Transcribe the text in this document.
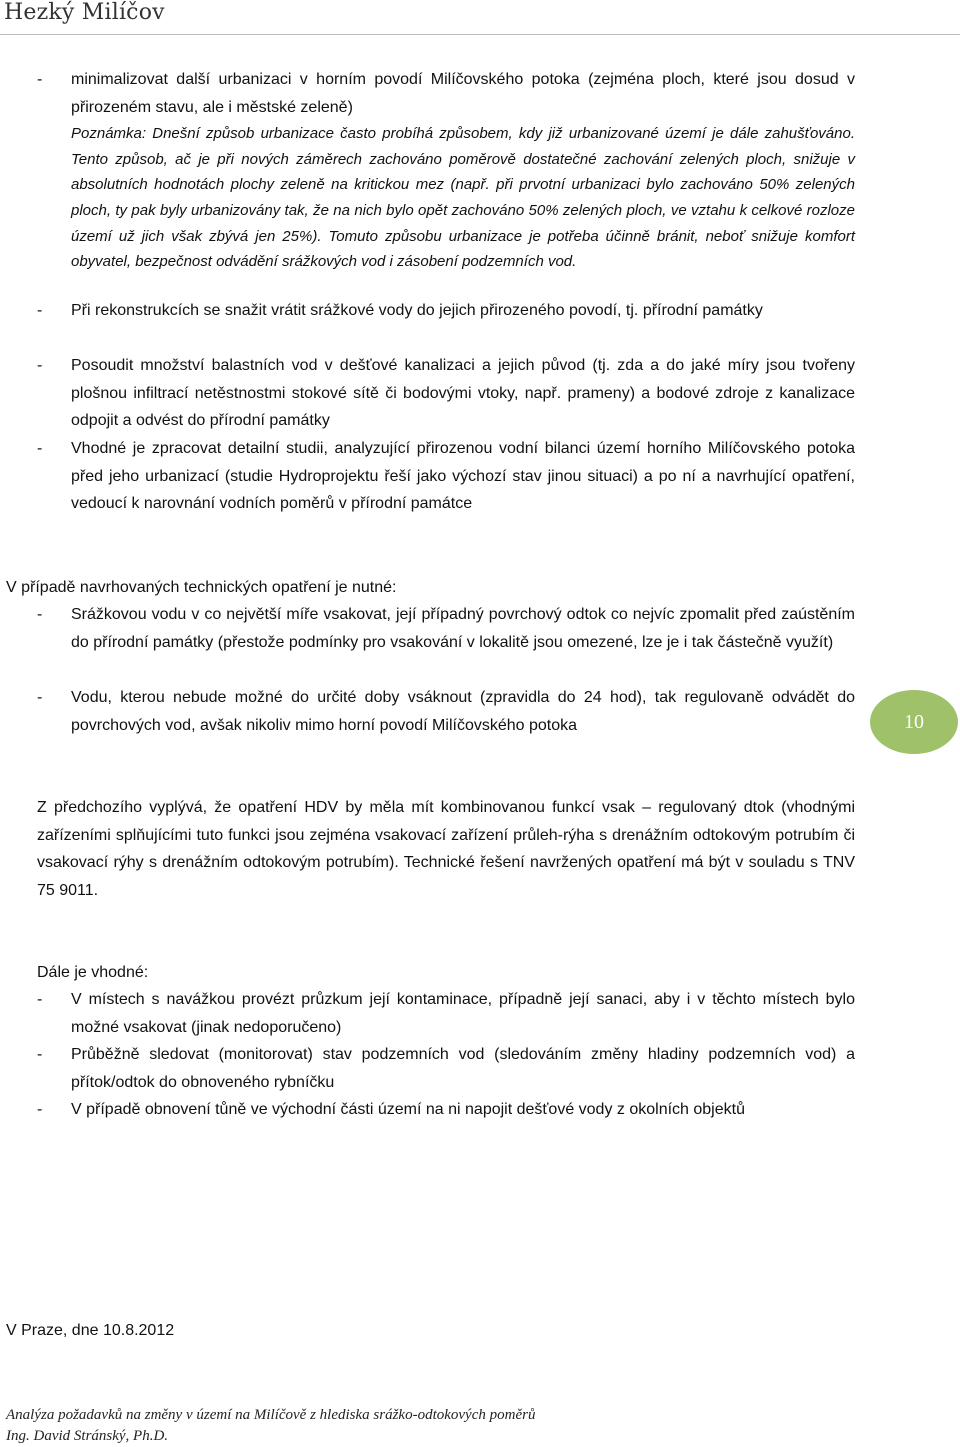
Hezký Milíčov
- minimalizovat další urbanizaci v horním povodí Milíčovského potoka (zejména ploch, které jsou dosud v přirozeném stavu, ale i městské zeleně)
Poznámka: Dnešní způsob urbanizace často probíhá způsobem, kdy již urbanizované území je dále zahušťováno. Tento způsob, ač je při nových záměrech zachováno poměrově dostatečné zachování zelených ploch, snižuje v absolutních hodnotách plochy zeleně na kritickou mez (např. při prvotní urbanizaci bylo zachováno 50% zelených ploch, ty pak byly urbanizovány tak, že na nich bylo opět zachováno 50% zelených ploch, ve vztahu k celkové rozloze území už jich však zbývá jen 25%). Tomuto způsobu urbanizace je potřeba účinně bránit, neboť snižuje komfort obyvatel, bezpečnost odvádění srážkových vod i zásobení podzemních vod.
- Při rekonstrukcích se snažit vrátit srážkové vody do jejich přirozeného povodí, tj. přírodní památky
- Posoudit množství balastních vod v dešťové kanalizaci a jejich původ (tj. zda a do jaké míry jsou tvořeny plošnou infiltrací netěstnostmi stokové sítě či bodovými vtoky, např. prameny) a bodové zdroje z kanalizace odpojit a odvést do přírodní památky
- Vhodné je zpracovat detailní studii, analyzující přirozenou vodní bilanci území horního Milíčovského potoka před jeho urbanizací (studie Hydroprojektu řeší jako výchozí stav jinou situaci) a po ní a navrhující opatření, vedoucí k narovnání vodních poměrů v přírodní památce
10
V případě navrhovaných technických opatření je nutné:
- Srážkovou vodu v co největší míře vsakovat, její případný povrchový odtok co nejvíc zpomalit před zaústěním do přírodní památky (přestože podmínky pro vsakování v lokalitě jsou omezené, lze je i tak částečně využít)
- Vodu, kterou nebude možné do určité doby vsáknout (zpravidla do 24 hod), tak regulovaně odvádět do povrchových vod, avšak nikoliv mimo horní povodí Milíčovského potoka
Z předchozího vyplývá, že opatření HDV by měla mít kombinovanou funkcí vsak – regulovaný dtok (vhodnými zařízeními splňujícími tuto funkci jsou zejména vsakovací zařízení průleh-rýha s drenážním odtokovým potrubím či vsakovací rýhy s drenážním odtokovým potrubím). Technické řešení navržených opatření má být v souladu s TNV 75 9011.
Dále je vhodné:
- V místech s navážkou provézt průzkum její kontaminace, případně její sanaci, aby i v těchto místech bylo možné vsakovat (jinak nedoporučeno)
- Průběžně sledovat (monitorovat) stav podzemních vod (sledováním změny hladiny podzemních vod) a přítok/odtok do obnoveného rybníčku
- V případě obnovení tůně ve východní části území na ni napojit dešťové vody z okolních objektů
V Praze, dne 10.8.2012
Analýza požadavků na změny v území na Milíčově z hlediska srážko-odtokových poměrů
Ing. David Stránský, Ph.D.
